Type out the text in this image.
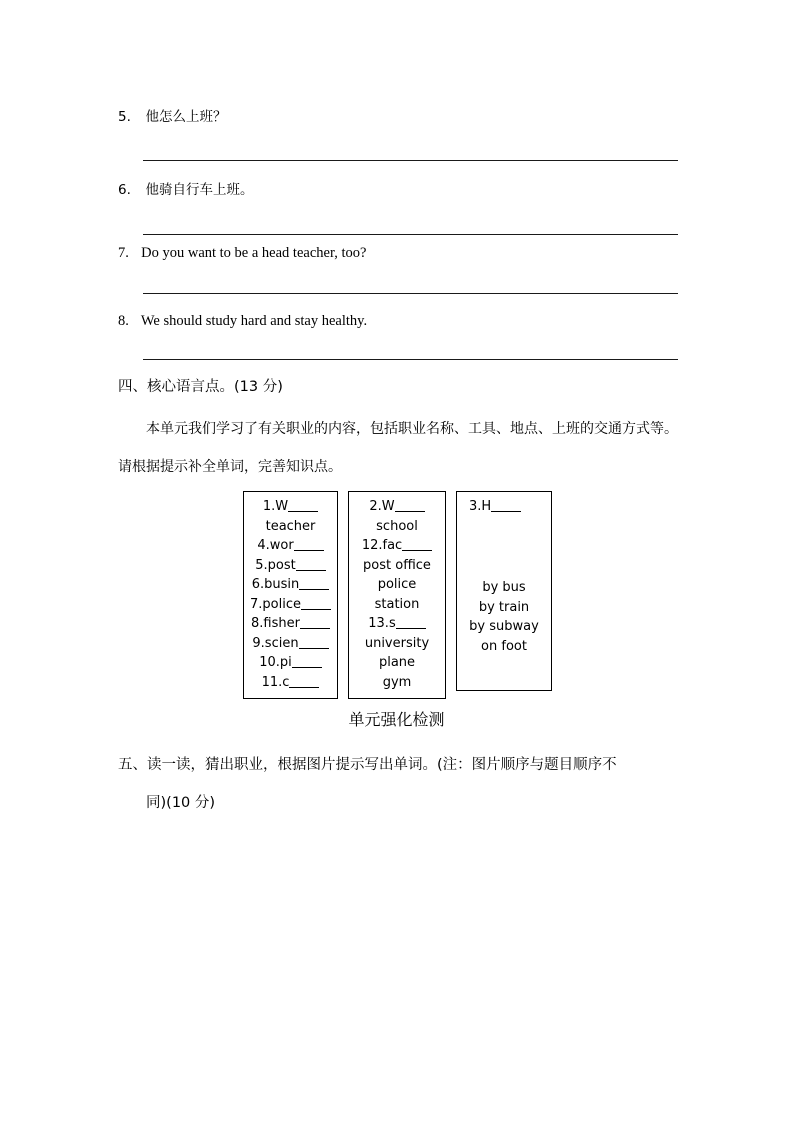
5. 他怎么上班？
6. 他骑自行车上班。
7. Do you want to be a head teacher, too?
8. We should study hard and stay healthy.
四、核心语言点。(13 分)
本单元我们学习了有关职业的内容，包括职业名称、工具、地点、上班的交通方式等。请根据提示补全单词，完善知识点。
1.W
teacher
4.wor
5.post
6.busin
7.police
8.fisher
9.scien
10.pi
11.c
2.W
school
12.fac
post office
police
station
13.s
university
plane
gym
3.H
by bus
by train
by subway
on foot
单元强化检测
五、读一读，猜出职业，根据图片提示写出单词。(注：图片顺序与题目顺序不
同)(10 分)
